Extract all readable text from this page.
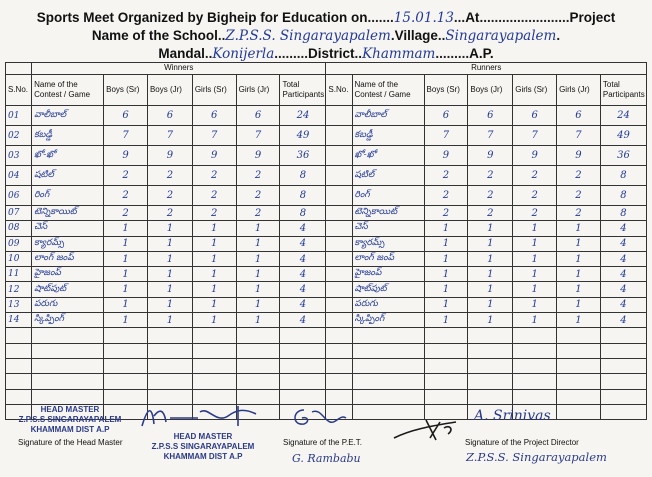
Sports Meet Organized by Bigheip for Education on.......15.01.13...At........................Project
Name of the School..Z.P.S.S. Singarayapalem.Village..Singarayapalem.
Mandal..Konijerla.........District..Khammam.........A.P.
	Winners						Runners						
S.No.	Name of the Contest / Game	Boys (Sr)	Boys (Jr)	Girls (Sr)	Girls (Jr)	Total Participants	S.No.	Name of the Contest / Game	Boys (Sr)	Boys (Jr)	Girls (Sr)	Girls (Jr)	Total Participants
01	వాలీబాల్	6	6	6	6	24		వాలీబాల్	6	6	6	6	24
02	కబడ్డీ	7	7	7	7	49		కబడ్డీ	7	7	7	7	49
03	ఖో-ఖో	9	9	9	9	36		ఖో-ఖో	9	9	9	9	36
04	షటిల్	2	2	2	2	8		షటిల్	2	2	2	2	8
06	రింగ్	2	2	2	2	8		రింగ్	2	2	2	2	8
07	టెన్నికాయిట్	2	2	2	2	8		టెన్నికాయిట్	2	2	2	2	8
08	చెస్	1	1	1	1	4		చెస్	1	1	1	1	4
09	క్యారమ్స్	1	1	1	1	4		క్యారమ్స్	1	1	1	1	4
10	లాంగ్ జంప్	1	1	1	1	4		లాంగ్ జంప్	1	1	1	1	4
11	హైజంప్	1	1	1	1	4		హైజంప్	1	1	1	1	4
12	షాట్‌పుట్	1	1	1	1	4		షాట్‌పుట్	1	1	1	1	4
13	పరుగు	1	1	1	1	4		పరుగు	1	1	1	1	4
14	స్కిప్పింగ్	1	1	1	1	4		స్కిప్పింగ్	1	1	1	1	4

HEAD MASTER
Z.P.S.S SINGARAYAPALEM
KHAMMAM DIST A.P
HEAD MASTER
Z.P.S.S SINGARAYAPALEM
KHAMMAM DIST A.P
Signature of the Head Master	Signature of the P.E.T.
G. Rambabu
A. Srinivas
Signature of the Project Director
Z.P.S.S. Singarayapalem
